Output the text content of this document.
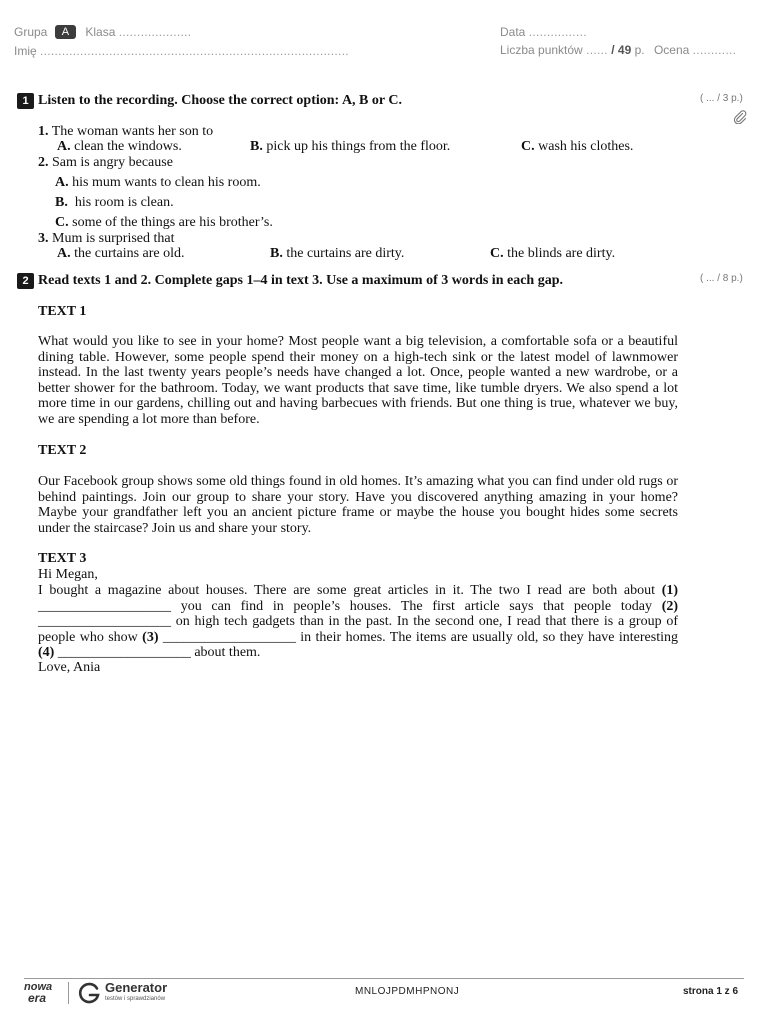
Grupa A Klasa ....................
Imię .....................................................................................
Data ................
Liczba punktów ...... / 49 p. Ocena ............
1 Listen to the recording. Choose the correct option: A, B or C.	( ... / 3 p.)
1. The woman wants her son to
A. clean the windows.	B. pick up his things from the floor.	C. wash his clothes.
2. Sam is angry because
A. his mum wants to clean his room.
B.  his room is clean.
C. some of the things are his brother’s.
3. Mum is surprised that
A. the curtains are old.	B. the curtains are dirty.	C. the blinds are dirty.
2 Read texts 1 and 2. Complete gaps 1–4 in text 3. Use a maximum of 3 words in each gap.	( ... / 8 p.)
TEXT 1
What would you like to see in your home? Most people want a big television, a comfortable sofa or a beautiful dining table. However, some people spend their money on a high-tech sink or the latest model of lawnmower instead. In the last twenty years people’s needs have changed a lot. Once, people wanted a new wardrobe, or a better shower for the bathroom. Today, we want products that save time, like tumble dryers. We also spend a lot more time in our gardens, chilling out and having barbecues with friends. But one thing is true, whatever we buy, we are spending a lot more than before.
TEXT 2
Our Facebook group shows some old things found in old homes. It’s amazing what you can find under old rugs or behind paintings. Join our group to share your story. Have you discovered anything amazing in your home? Maybe your grandfather left you an ancient picture frame or maybe the house you bought hides some secrets under the staircase? Join us and share your story.
TEXT 3
Hi Megan,
I bought a magazine about houses. There are some great articles in it. The two I read are both about (1) ___________________ you can find in people’s houses. The first article says that people today (2) ___________________ on high tech gadgets than in the past. In the second one, I read that there is a group of people who show (3) ___________________ in their homes. The items are usually old, so they have interesting (4) ___________________ about them.
Love, Ania
nowa
era
Generator
testów i sprawdzianów
MNLOJPDMHPNONJ	strona 1 z 6
